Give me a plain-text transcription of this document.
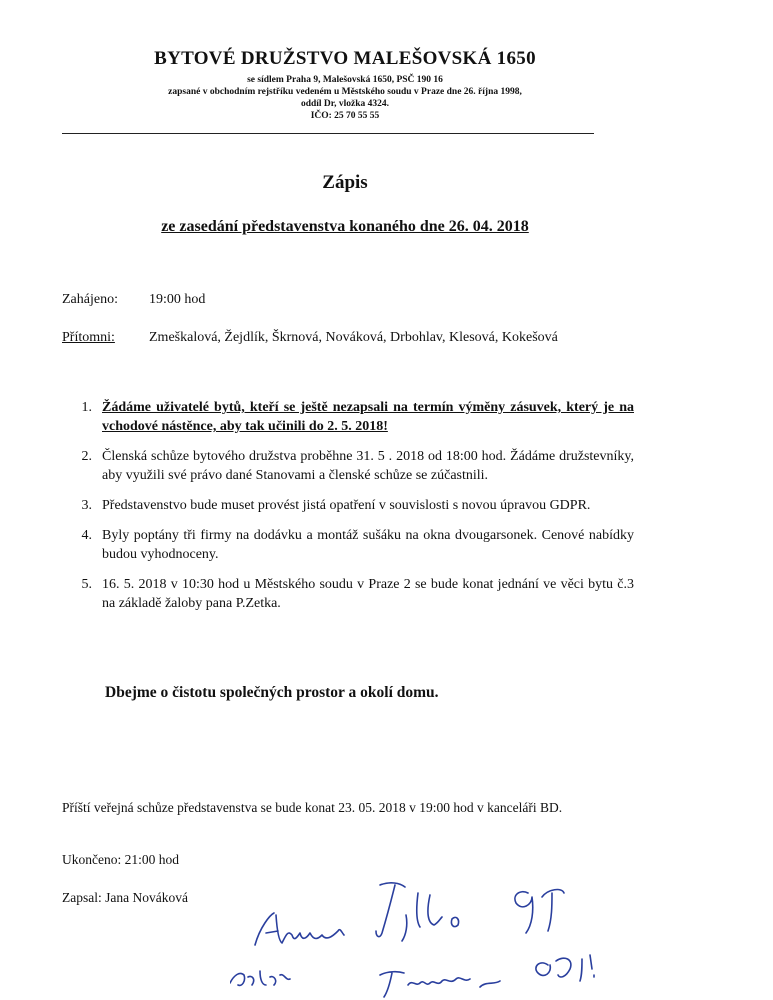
BYTOVÉ DRUŽSTVO MALEŠOVSKÁ 1650
se sídlem Praha 9, Malešovská 1650, PSČ 190 16
zapsané v obchodním rejstříku vedeném u Městského soudu v Praze dne 26. října 1998,
oddíl Dr, vložka 4324.
IČO: 25 70 55 55
Zápis
ze zasedání představenstva konaného dne 26. 04. 2018
Zahájeno: 19:00 hod
Přítomni: Zmeškalová, Žejdlík, Škrnová, Nováková, Drbohlav, Klesová, Kokešová
1. Žádáme uživatelé bytů, kteří se ještě nezapsali na termín výměny zásuvek, který je na vchodové nástěnce, aby tak učinili do 2. 5. 2018!
2. Členská schůze bytového družstva proběhne 31. 5 . 2018 od 18:00 hod. Žádáme družstevníky, aby využili své právo dané Stanovami a členské schůze se zúčastnili.
3. Představenstvo bude muset provést jistá opatření v souvislosti s novou úpravou GDPR.
4. Byly poptány tři firmy na dodávku a montáž sušáku na okna dvougarsonek. Cenové nabídky budou vyhodnoceny.
5. 16. 5. 2018 v 10:30 hod u Městského soudu v Praze 2 se bude konat jednání ve věci bytu č.3 na základě žaloby pana P.Zetka.
Dbejme o čistotu společných prostor a okolí domu.
Příští veřejná schůze představenstva se bude konat 23. 05. 2018 v 19:00 hod v kanceláři BD.
Ukončeno: 21:00 hod
Zapsal: Jana Nováková
